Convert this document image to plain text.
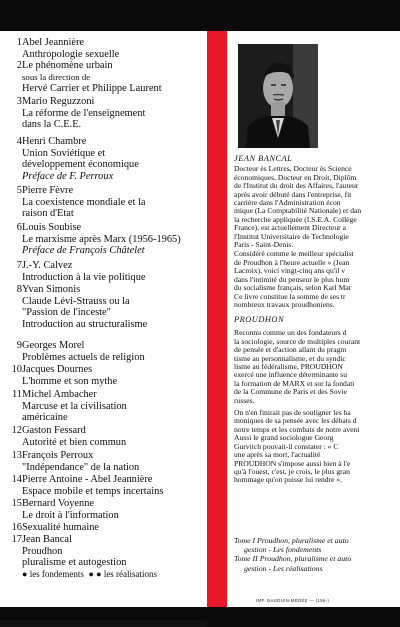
1 Abel Jeannière
Anthropologie sexuelle
2 Le phénomène urbain
sous la direction de
Hervé Carrier et Philippe Laurent
3 Mario Reguzzoni
La réforme de l'enseignement
dans la C.E.E.
4 Henri Chambre
Union Soviétique et
développement économique
Préface de F. Perroux
5 Pierre Fèvre
La coexistence mondiale et la
raison d'Etat
6 Louis Soubise
Le marxisme après Marx (1956-1965)
Préface de François Châtelet
7 J.-Y. Calvez
Introduction à la vie politique
8 Yvan Simonis
Claude Lévi-Strauss ou la
"Passion de l'inceste"
Introduction au structuralisme
9 Georges Morel
Problèmes actuels de religion
10 Jacques Dournes
L'homme et son mythe
11 Michel Ambacher
Marcuse et la civilisation
américaine
12 Gaston Fessard
Autorité et bien commun
13 François Perroux
"Indépendance" de la nation
14 Pierre Antoine - Abel Jeannière
Espace mobile et temps incertains
15 Bernard Voyenne
Le droit à l'information
16 Sexualité humaine
17 Jean Bancal
Proudhon
pluralisme et autogestion
● les fondements  ● ● les réalisations
JEAN BANCAL
Docteur ès Lettres, Docteur ès Science
économiques, Docteur en Droit, Diplôm
de l'Institut du droit des Affaires, l'auteur
après avoir débuté dans l'entreprise, fit
carrière dans l'Administration écon
mique (La Comptabilité Nationale) et dan
la recherche appliquée (I.S.E.A. Collège
France), est actuellement Directeur a
l'Institut Universitaire de Technologie
Paris - Saint-Denis.
Considéré comme le meilleur spécialist
de Proudhon à l'heure actuelle » (Jean
Lacroix), voici vingt-cinq ans qu'il v
dans l'intimité du penseur le plus hum
du socialisme français, selon Karl Mar
Ce livre constitue la somme de ses tr
nombreux travaux proudhoniens.
PROUDHON
Reconnu comme un des fondateurs d
la sociologie, source de multiples courant
de pensée et d'action allant du pragm
tisme au personnalisme, et du syndic
lisme au fédéralisme, PROUDHON
exercé une influence déterminante su
la formation de MARX et sur la fondati
de la Commune de Paris et des Sovie
russes.
On n'en finirait pas de souligner les ha
moniques de sa pensée avec les débats d
notre temps et les combats de notre aveni
Aussi le grand sociologue Georg
Gurvitch pouvait-il constater : « C
une après sa mort, l'actualité
PROUDHON s'impose aussi bien à l'e
qu'à l'ouest, c'est, je crois, le plus gran
hommage qu'on puisse lui rendre ».
Tome I Proudhon, pluralisme et auto
gestion - Les fondements
Tome II Proudhon, pluralisme et auto
gestion - Les réalisations
IMP. BAUDUIN-MÉDÉE — (196-)
